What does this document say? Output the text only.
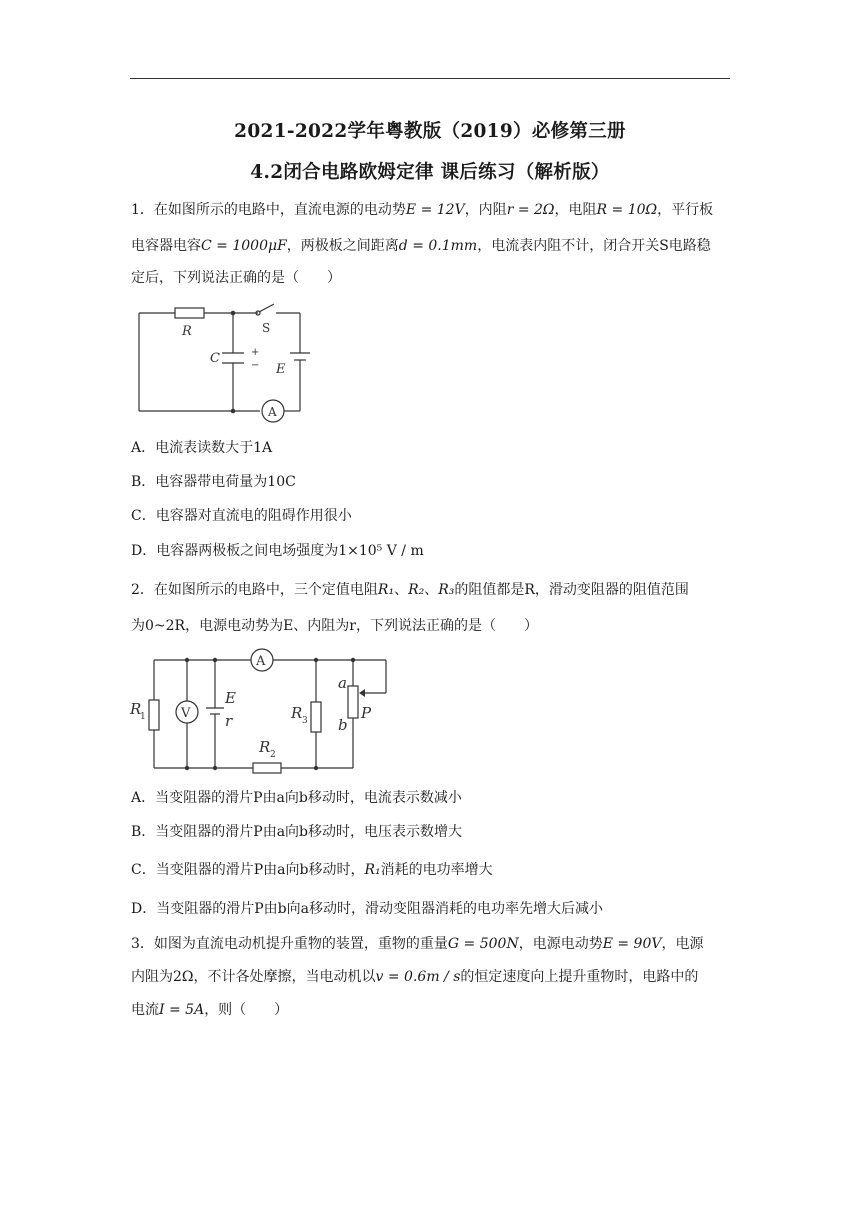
2021-2022学年粤教版（2019）必修第三册
4.2闭合电路欧姆定律 课后练习（解析版）
1．在如图所示的电路中，直流电源的电动势E = 12V，内阻r = 2Ω，电阻R = 10Ω，平行板
电容器电容C = 1000μF，两极板之间距离d = 0.1mm，电流表内阻不计，闭合开关S电路稳
定后，下列说法正确的是（　　）
R	S
C	+
− E
A
A．电流表读数大于1A
B．电容器带电荷量为10C
C．电容器对直流电的阻碍作用很小
D．电容器两极板之间电场强度为1×10⁵ V / m
2．在如图所示的电路中，三个定值电阻R₁、R₂、R₃的阻值都是R，滑动变阻器的阻值范围
为0~2R，电源电动势为E、内阻为r，下列说法正确的是（　　）
R
1	V
E
r
A
R 3
a
b
P
R 2
A．当变阻器的滑片P由a向b移动时，电流表示数减小
B．当变阻器的滑片P由a向b移动时，电压表示数增大
C．当变阻器的滑片P由a向b移动时，R₁消耗的电功率增大
D．当变阻器的滑片P由b向a移动时，滑动变阻器消耗的电功率先增大后减小
3．如图为直流电动机提升重物的装置，重物的重量G = 500N，电源电动势E = 90V，电源
内阻为2Ω，不计各处摩擦，当电动机以v = 0.6m / s的恒定速度向上提升重物时，电路中的
电流I = 5A，则（　　）
